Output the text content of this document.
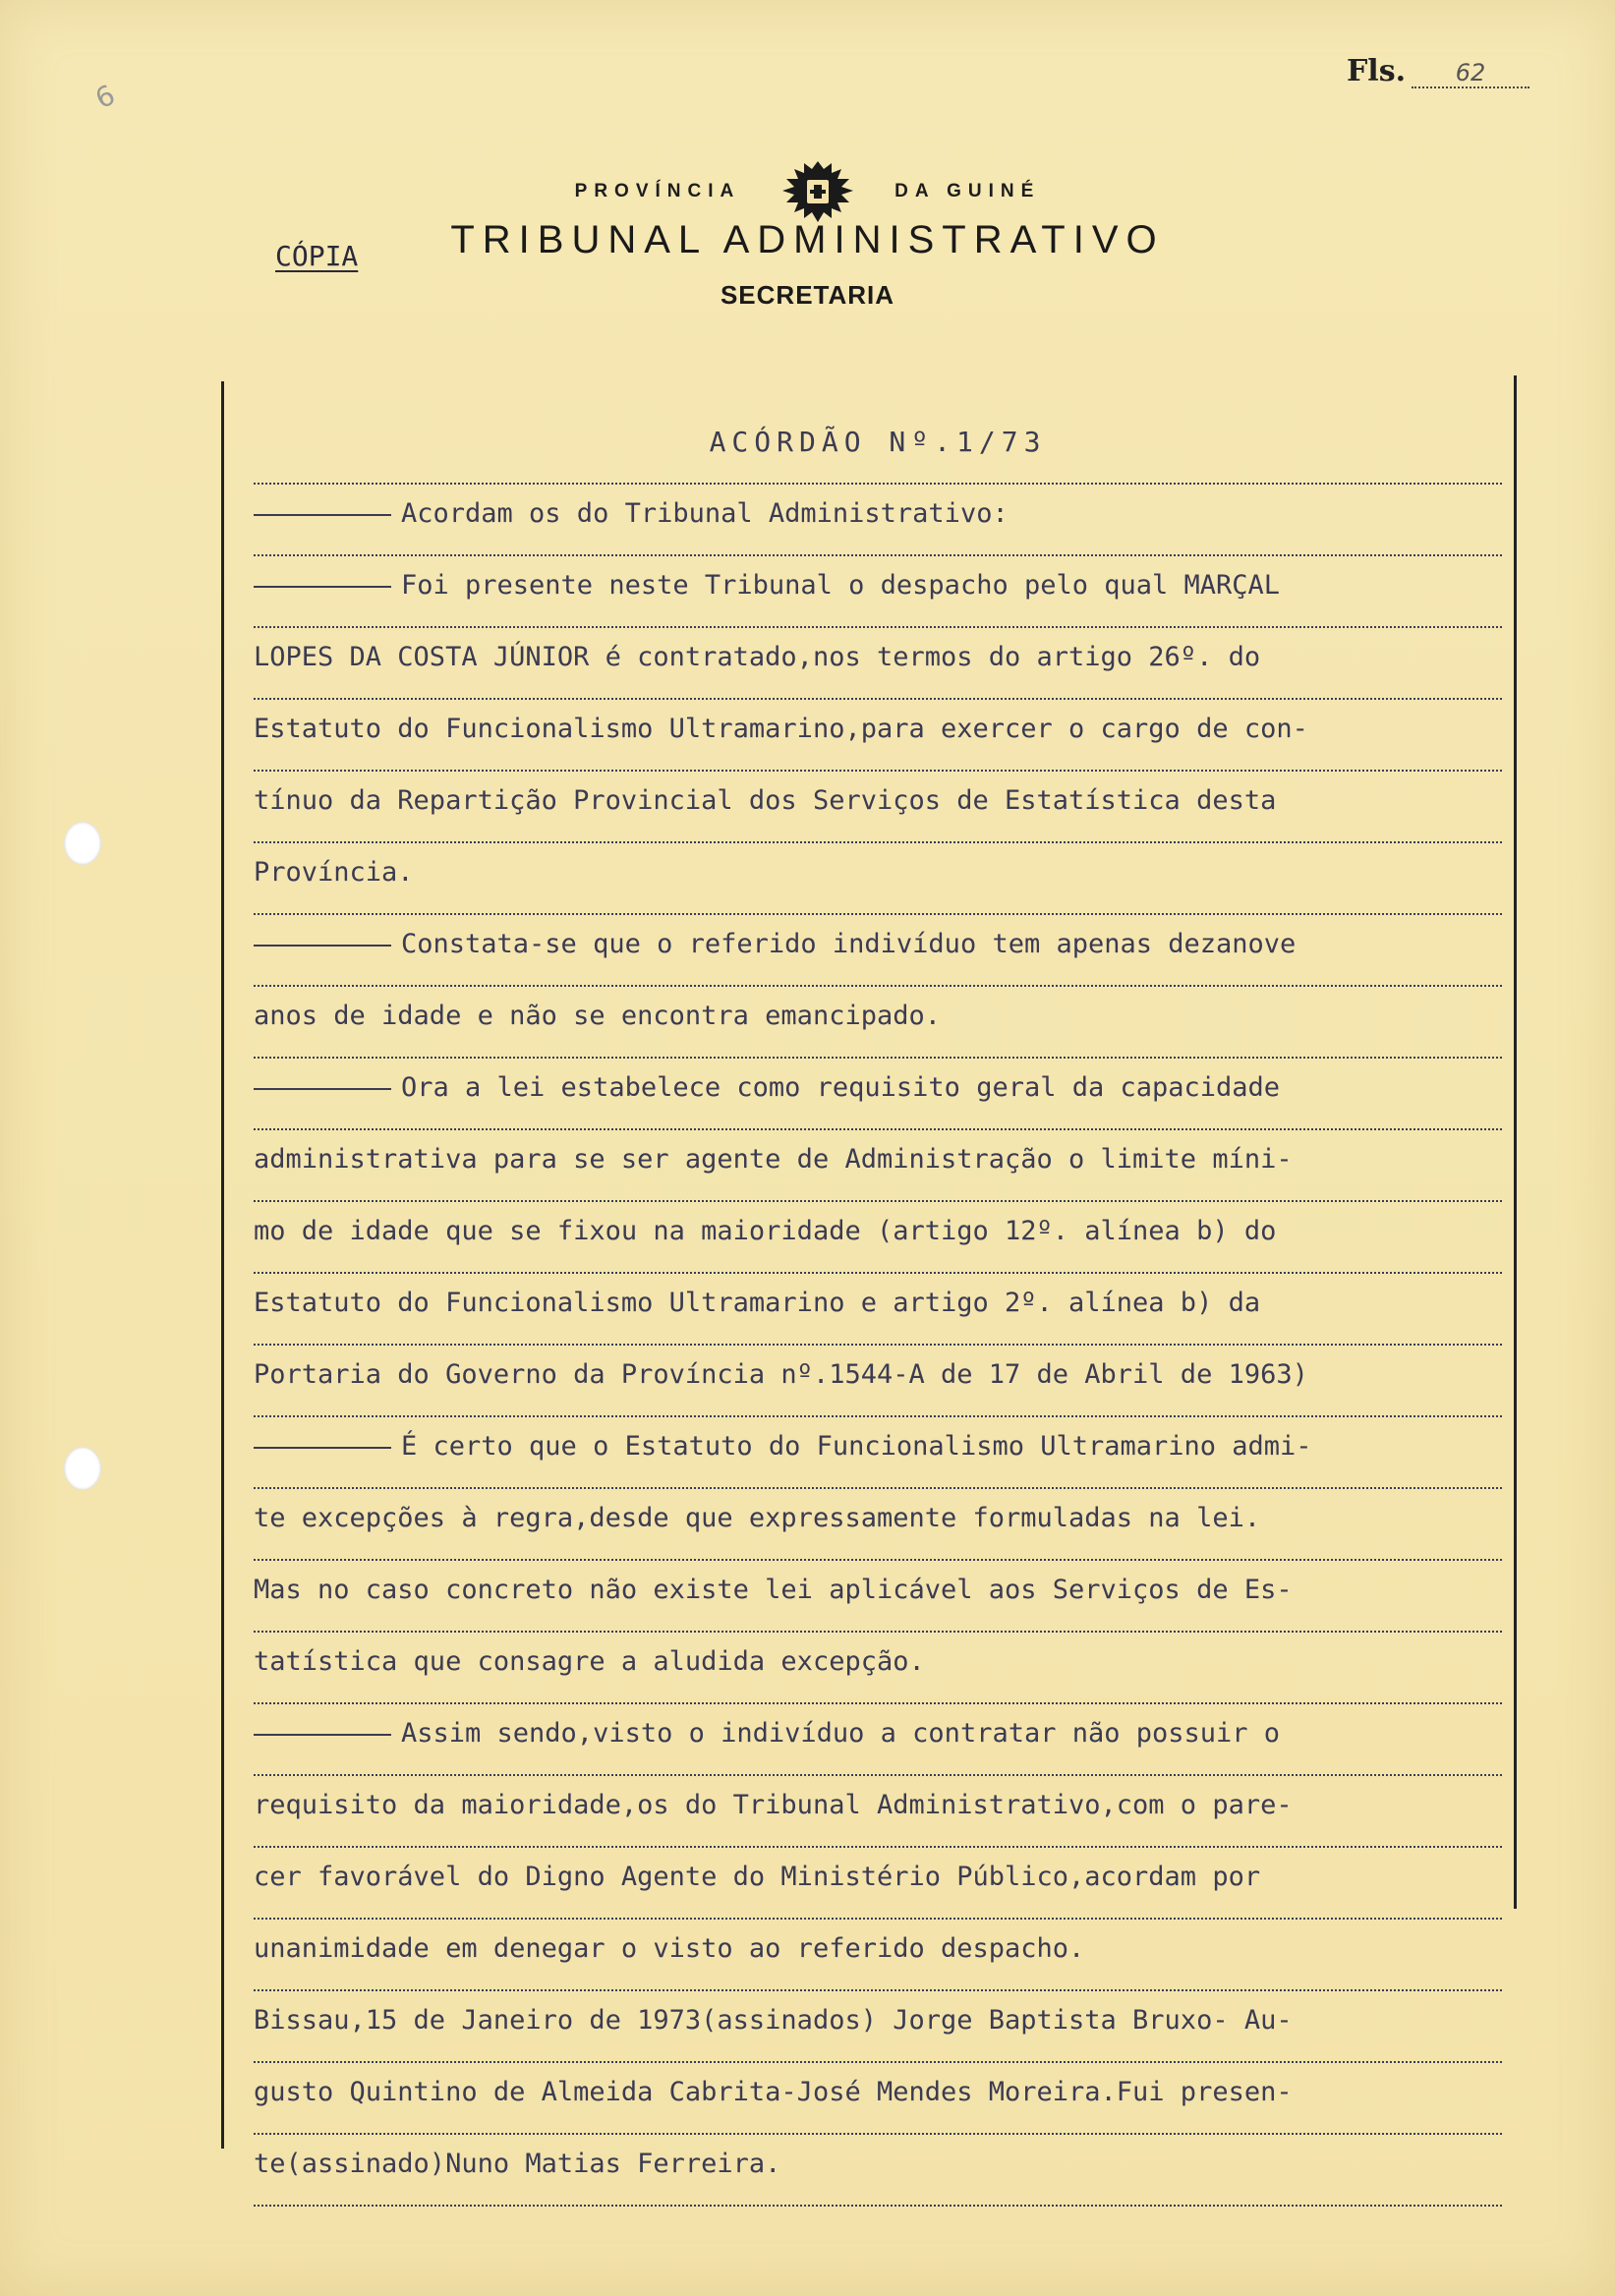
6
Fls. 62
PROVÍNCIA	DA GUINÉ
CÓPIA	TRIBUNAL ADMINISTRATIVO
SECRETARIA
ACÓRDÃO Nº.1/73
Acordam os do Tribunal Administrativo:
Foi presente neste Tribunal o despacho pelo qual MARÇAL
LOPES DA COSTA JÚNIOR é contratado,nos termos do artigo 26º. do
Estatuto do Funcionalismo Ultramarino,para exercer o cargo de con-
tínuo da Repartição Provincial dos Serviços de Estatística desta
Província.
Constata-se que o referido indivíduo tem apenas dezanove
anos de idade e não se encontra emancipado.
Ora a lei estabelece como requisito geral da capacidade
administrativa para se ser agente de Administração o limite míni-
mo de idade que se fixou na maioridade (artigo 12º. alínea b) do
Estatuto do Funcionalismo Ultramarino e artigo 2º. alínea b) da
Portaria do Governo da Província nº.1544-A de 17 de Abril de 1963)
É certo que o Estatuto do Funcionalismo Ultramarino admi-
te excepções à regra,desde que expressamente formuladas na lei.
Mas no caso concreto não existe lei aplicável aos Serviços de Es-
tatística que consagre a aludida excepção.
Assim sendo,visto o indivíduo a contratar não possuir o
requisito da maioridade,os do Tribunal Administrativo,com o pare-
cer favorável do Digno Agente do Ministério Público,acordam por
unanimidade em denegar o visto ao referido despacho.
Bissau,15 de Janeiro de 1973(assinados) Jorge Baptista Bruxo- Au-
gusto Quintino de Almeida Cabrita-José Mendes Moreira.Fui presen-
te(assinado)Nuno Matias Ferreira.
